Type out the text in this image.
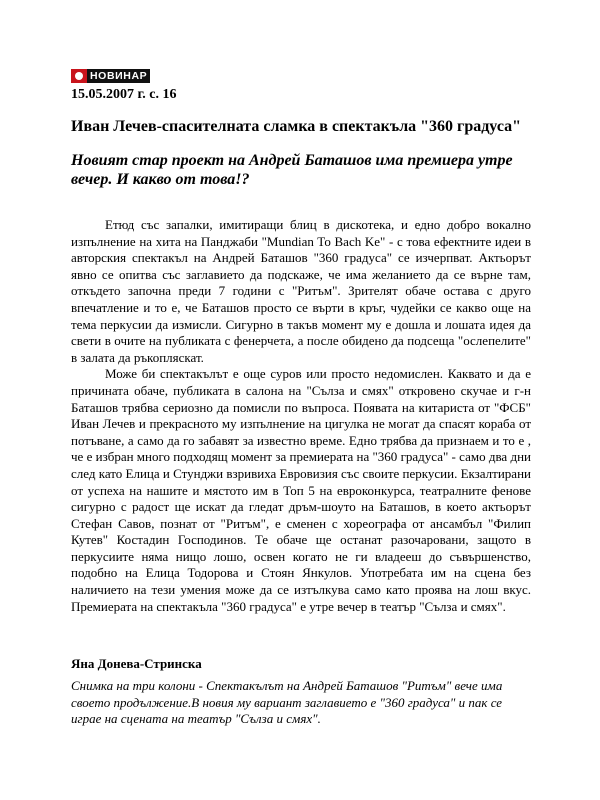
НОВИНАР
15.05.2007 г. с. 16
Иван Лечев-спасителната сламка в спектакъла "360 градуса"
Новият стар проект на Андрей Баташов има премиера утре вечер. И какво от това!?

Етюд със запалки, имитиращи блиц в дискотека, и едно добро вокално изпълнение на хита на Панджаби "Mundian To Bach Ke" - с това ефектните идеи в авторския спектакъл на Андрей Баташов "360 градуса" се изчерпват. Актьорът явно се опитва със заглавието да подскаже, че има желанието да се върне там, откъдето започна преди 7 години с "Ритъм". Зрителят обаче остава с друго впечатление и то е, че Баташов просто се върти в кръг, чудейки се какво още на тема перкусии да измисли. Сигурно в такъв момент му е дошла и лошата идея да свети в очите на публиката с фенерчета, а после обидено да подсеща "ослепелите" в залата да ръкопляскат.

Може би спектакълът е още суров или просто недомислен. Каквато и да е причината обаче, публиката в салона на "Сълза и смях" откровено скучае и г-н Баташов трябва сериозно да помисли по въпроса. Появата на китариста от "ФСБ" Иван Лечев и прекрасното му изпълнение на цигулка не могат да спасят кораба от потъване, а само да го забавят за известно време. Едно трябва да признаем и то е , че е избран много подходящ момент за премиерата на "360 градуса" - само два дни след като Елица и Стунджи взривиха Евровизия със своите перкусии. Екзалтирани от успеха на нашите и мястото им в Топ 5 на евроконкурса, театралните фенове сигурно с радост ще искат да гледат дръм-шоуто на Баташов, в което актьорът Стефан Савов, познат от "Ритъм", е сменен с хореографа от ансамбъл "Филип Кутев" Костадин Господинов. Те обаче ще останат разочаровани, защото в перкусиите няма нищо лошо, освен когато не ги владееш до съвършенство, подобно на Елица Тодорова и Стоян Янкулов. Употребата им на сцена без наличието на тези умения може да се изтълкува само като проява на лош вкус. Премиерата на спектакъла "360 градуса" е утре вечер в театър "Сълза и смях".

Яна Донева-Стринска
Снимка на три колони - Спектакълът на Андрей Баташов "Ритъм" вече има своето продължение.В новия му вариант заглавието е "360 градуса" и пак се играе на сцената на театър "Сълза и смях".
